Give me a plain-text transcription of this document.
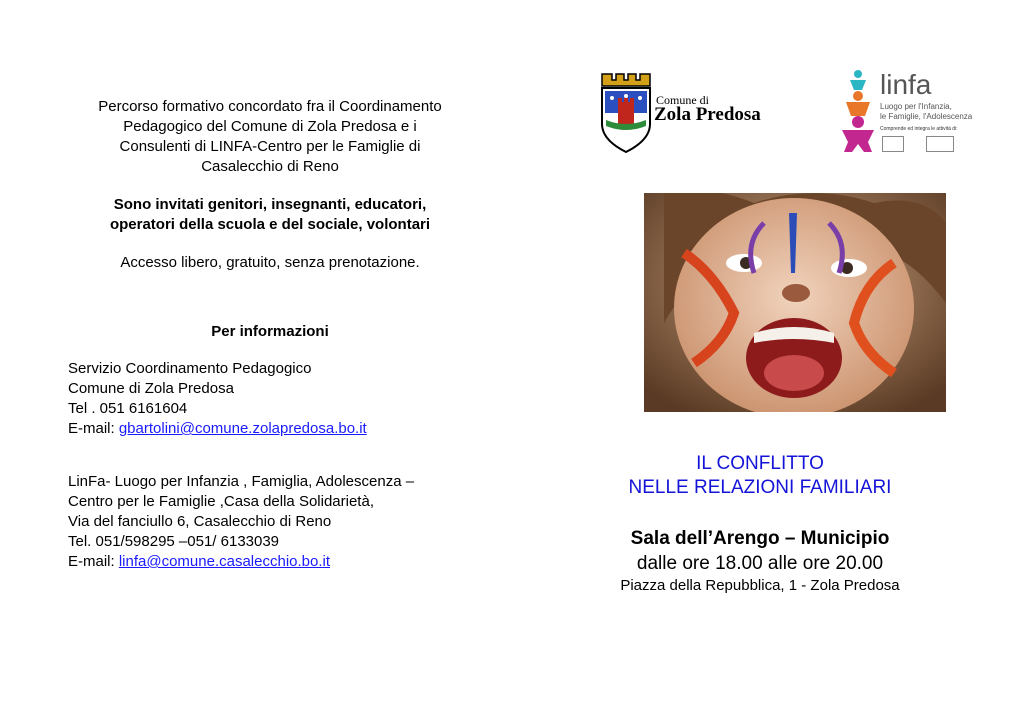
Percorso formativo concordato fra il Coordinamento

Pedagogico del Comune di Zola Predosa e i

Consulenti di LINFA-Centro per le Famiglie di

Casalecchio di Reno

Sono invitati genitori, insegnanti, educatori,

operatori della scuola e del sociale, volontari

Accesso libero, gratuito, senza prenotazione.

Per informazioni

Servizio Coordinamento Pedagogico

Comune di Zola Predosa

Tel . 051 6161604

E-mail: gbartolini@comune.zolapredosa.bo.it

LinFa- Luogo per Infanzia , Famiglia, Adolescenza –

Centro per le Famiglie ,Casa della Solidarietà,

Via del fanciullo 6, Casalecchio di Reno

Tel. 051/598295 –051/ 6133039

E-mail: linfa@comune.casalecchio.bo.it

Comune di
Zola Predosa
linfa
Luogo per l'Infanzia,
le Famiglie, l'Adolescenza
Comprende ed integra le attività di:
IL CONFLITTO
NELLE RELAZIONI FAMILIARI
Sala dell’Arengo – Municipio
dalle ore 18.00 alle ore 20.00
Piazza della Repubblica, 1 - Zola Predosa
